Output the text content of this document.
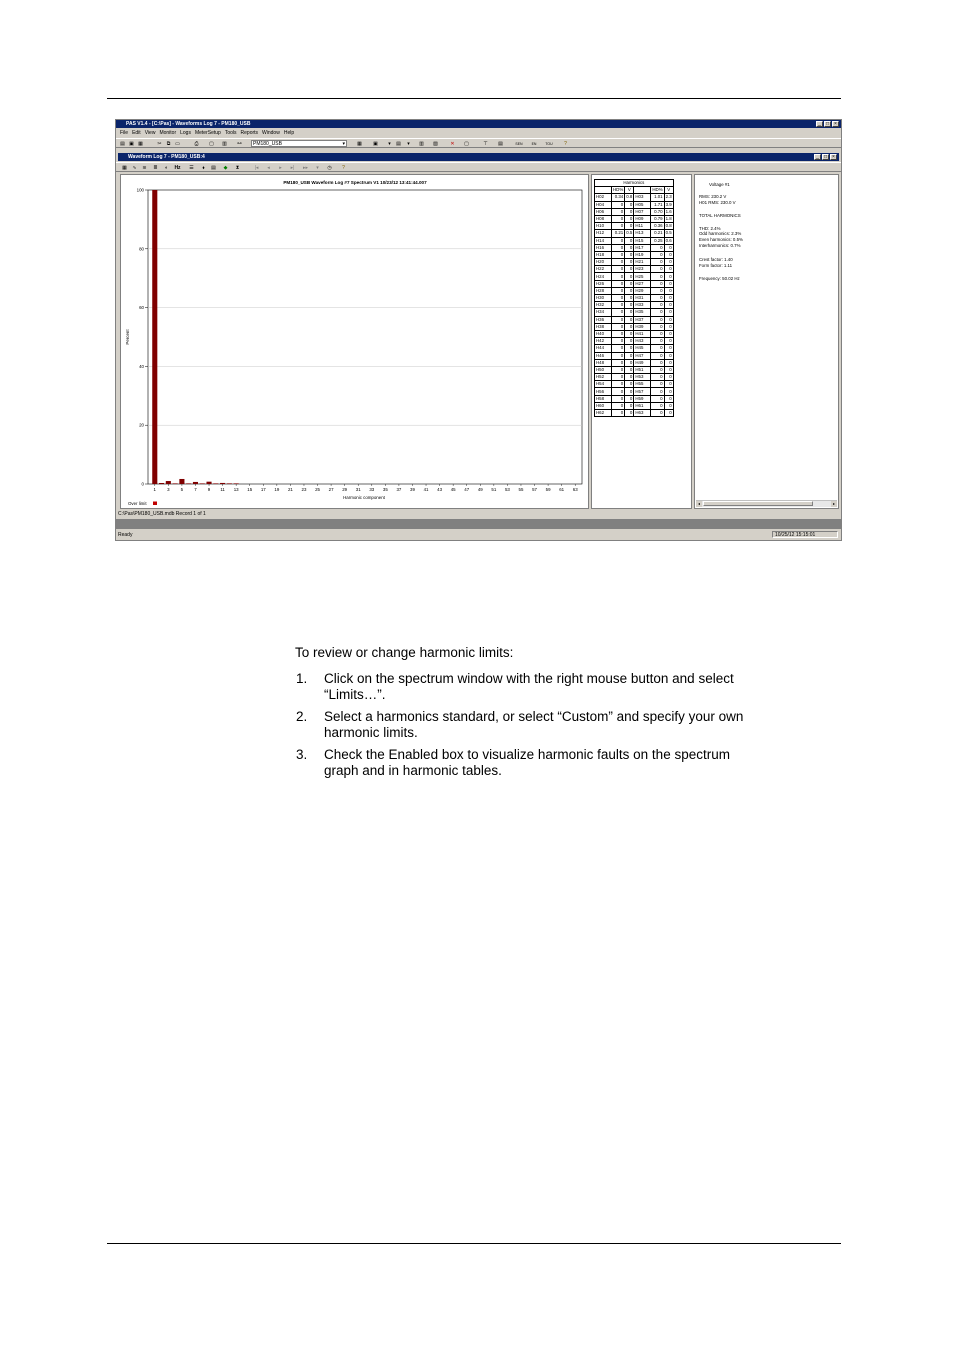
PAS V1.4 - [C:\Pas] - Waveforms Log 7 - PM180_USB	_	□	×
File Edit View Monitor Logs MeterSetup Tools Reports Window Help
▤ ▣ ▦	✂	⧉ ▭	⎙	▢ ▥ ⚯	PM180_USB	▾ ▦ ▣	▾	▤	▾	▥ ▧	✕ ▢	⊤ ▤	SEN	EN	TOU	?
Waveform Log 7 - PM180_USB:4	_	□	×
▦ ∿ ≋ ≣	◐	Hz ☰	⬧	▤	◆	⧗	|◂	◂	▸	▸|	▸▸	▾	◷	?
PM180_USB Waveform Log #7 Spectrum V1 10/23/12 13:41:44.007
Percent
Harmonic component
0
20
40
60
80
100
1	3	5	7	9 11 13 15 17 19 21 23 25 27 29 31 33 35 37 39 41 43 45 47 49 51 53 55 57 59 61 63
Over limit
Harmonics					
	HD%	V		HD%	V
H02	0.34	0.8	H03	1.01	2.3
H04	0	0	H05	1.71	3.9
H06	0	0	H07	0.70	1.6
H08	0	0	H09	0.79	1.8
H10	0	0	H11	0.36	0.8
H12	0.21	0.5	H13	0.21	0.5
H14	0	0	H15	0.25	0.6
H16	0	0	H17	0	0
H18	0	0	H19	0	0
H20	0	0	H21	0	0
H22	0	0	H23	0	0
H24	0	0	H25	0	0
H26	0	0	H27	0	0
H28	0	0	H29	0	0
H30	0	0	H31	0	0
H32	0	0	H33	0	0
H34	0	0	H35	0	0
H36	0	0	H37	0	0
H38	0	0	H39	0	0
H40	0	0	H41	0	0
H42	0	0	H43	0	0
H44	0	0	H45	0	0
H46	0	0	H47	0	0
H48	0	0	H49	0	0
H50	0	0	H51	0	0
H52	0	0	H53	0	0
H54	0	0	H55	0	0
H56	0	0	H57	0	0
H58	0	0	H59	0	0
H60	0	0	H61	0	0
H62	0	0	H63	0	0
Voltage #1
RMS: 230.2 V
H01 RMS: 230.0 V
TOTAL HARMONICS
THD: 2.4%
Odd harmonics: 2.3%
Even harmonics: 0.5%
Interharmonics: 0.7%
Crest factor: 1.40
Form factor: 1.11
Frequency: 50.02 Hz
◂	▸
C:\Pas\PM180_USB.mdb Record 1 of 1
Ready	10/25/12 15:15:01

To review or change harmonic limits:

1. Click on the spectrum window with the right mouse button and select “Limits…”.
2. Select a harmonics standard, or select “Custom” and specify your own harmonic limits.
3. Check the Enabled box to visualize harmonic faults on the spectrum graph and in harmonic tables.
